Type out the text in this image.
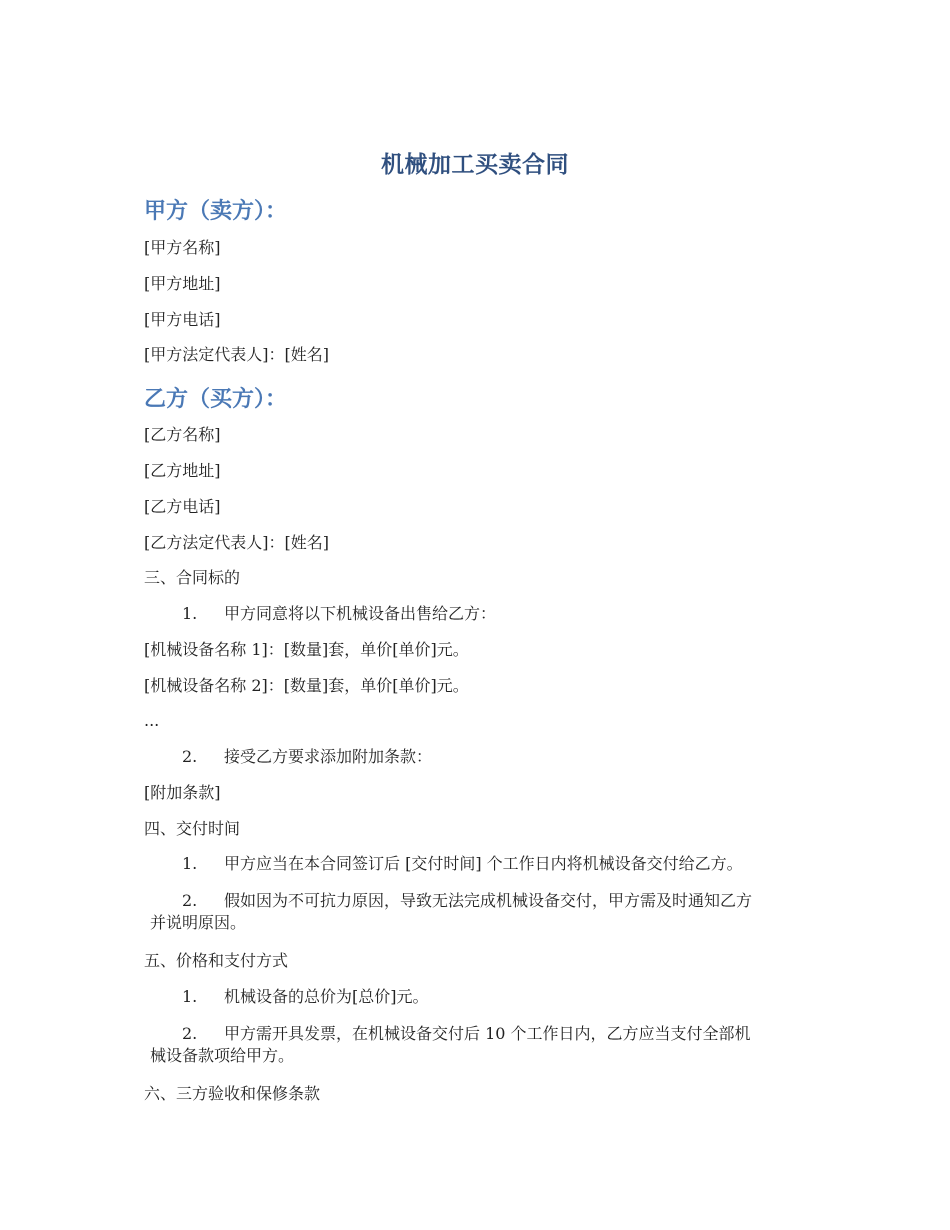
机械加工买卖合同
甲方（卖方）：
[甲方名称]
[甲方地址]
[甲方电话]
[甲方法定代表人]：[姓名]
乙方（买方）：
[乙方名称]
[乙方地址]
[乙方电话]
[乙方法定代表人]：[姓名]
三、合同标的
1. 甲方同意将以下机械设备出售给乙方：
[机械设备名称 1]：[数量]套，单价[单价]元。
[机械设备名称 2]：[数量]套，单价[单价]元。
...
2. 接受乙方要求添加附加条款：
[附加条款]
四、交付时间
1. 甲方应当在本合同签订后 [交付时间] 个工作日内将机械设备交付给乙方。
2. 假如因为不可抗力原因，导致无法完成机械设备交付，甲方需及时通知乙方
并说明原因。
五、价格和支付方式
1. 机械设备的总价为[总价]元。
2. 甲方需开具发票，在机械设备交付后 10 个工作日内，乙方应当支付全部机
械设备款项给甲方。
六、三方验收和保修条款
